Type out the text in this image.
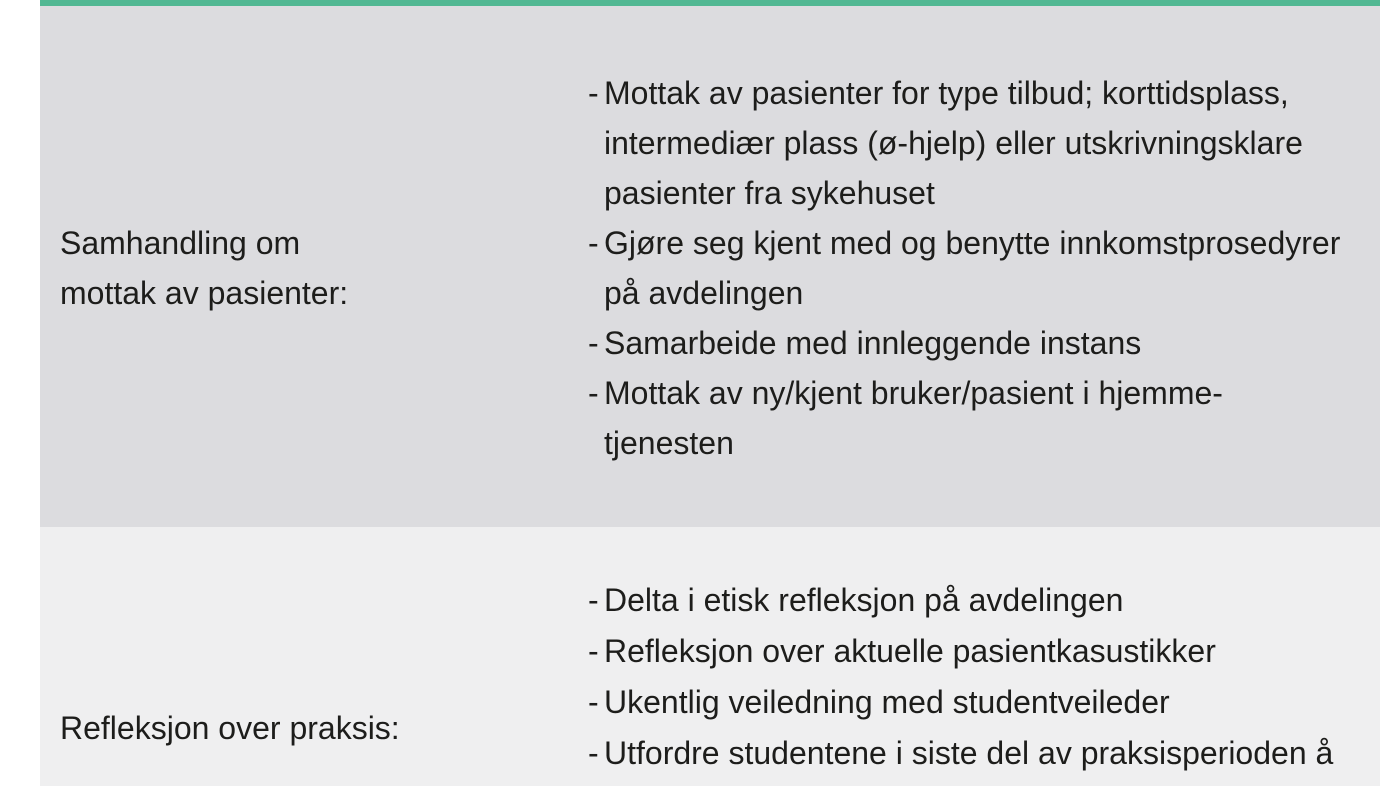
Samhandling om
mottak av pasienter:
- Mottak av pasienter for type tilbud; korttidsplass,
intermediær plass (ø-hjelp) eller utskrivningsklare
pasienter fra sykehuset
- Gjøre seg kjent med og benytte innkomstprosedyrer
på avdelingen
- Samarbeide med innleggende instans
- Mottak av ny/kjent bruker/pasient i hjemme-
tjenesten
Refleksjon over praksis:
- Delta i etisk refleksjon på avdelingen
- Refleksjon over aktuelle pasientkasustikker
- Ukentlig veiledning med studentveileder
- Utfordre studentene i siste del av praksisperioden å
